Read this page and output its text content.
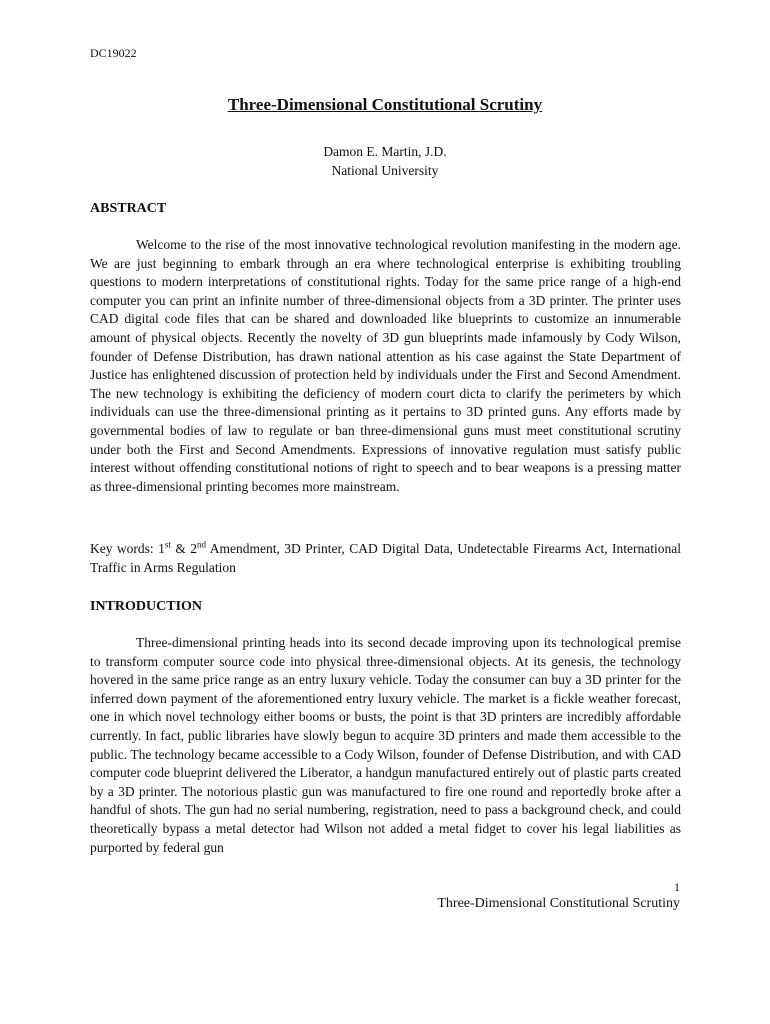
DC19022
Three-Dimensional Constitutional Scrutiny
Damon E. Martin, J.D.
National University
ABSTRACT

Welcome to the rise of the most innovative technological revolution manifesting in the modern age. We are just beginning to embark through an era where technological enterprise is exhibiting troubling questions to modern interpretations of constitutional rights. Today for the same price range of a high-end computer you can print an infinite number of three-dimensional objects from a 3D printer. The printer uses CAD digital code files that can be shared and downloaded like blueprints to customize an innumerable amount of physical objects. Recently the novelty of 3D gun blueprints made infamously by Cody Wilson, founder of Defense Distribution, has drawn national attention as his case against the State Department of Justice has enlightened discussion of protection held by individuals under the First and Second Amendment. The new technology is exhibiting the deficiency of modern court dicta to clarify the perimeters by which individuals can use the three-dimensional printing as it pertains to 3D printed guns. Any efforts made by governmental bodies of law to regulate or ban three-dimensional guns must meet constitutional scrutiny under both the First and Second Amendments. Expressions of innovative regulation must satisfy public interest without offending constitutional notions of right to speech and to bear weapons is a pressing matter as three-dimensional printing becomes more mainstream.

Key words: 1st & 2nd Amendment, 3D Printer, CAD Digital Data, Undetectable Firearms Act, International Traffic in Arms Regulation

INTRODUCTION

Three-dimensional printing heads into its second decade improving upon its technological premise to transform computer source code into physical three-dimensional objects. At its genesis, the technology hovered in the same price range as an entry luxury vehicle. Today the consumer can buy a 3D printer for the inferred down payment of the aforementioned entry luxury vehicle. The market is a fickle weather forecast, one in which novel technology either booms or busts, the point is that 3D printers are incredibly affordable currently. In fact, public libraries have slowly begun to acquire 3D printers and made them accessible to the public. The technology became accessible to a Cody Wilson, founder of Defense Distribution, and with CAD computer code blueprint delivered the Liberator, a handgun manufactured entirely out of plastic parts created by a 3D printer. The notorious plastic gun was manufactured to fire one round and reportedly broke after a handful of shots. The gun had no serial numbering, registration, need to pass a background check, and could theoretically bypass a metal detector had Wilson not added a metal fidget to cover his legal liabilities as purported by federal gun

1
Three-Dimensional Constitutional Scrutiny
